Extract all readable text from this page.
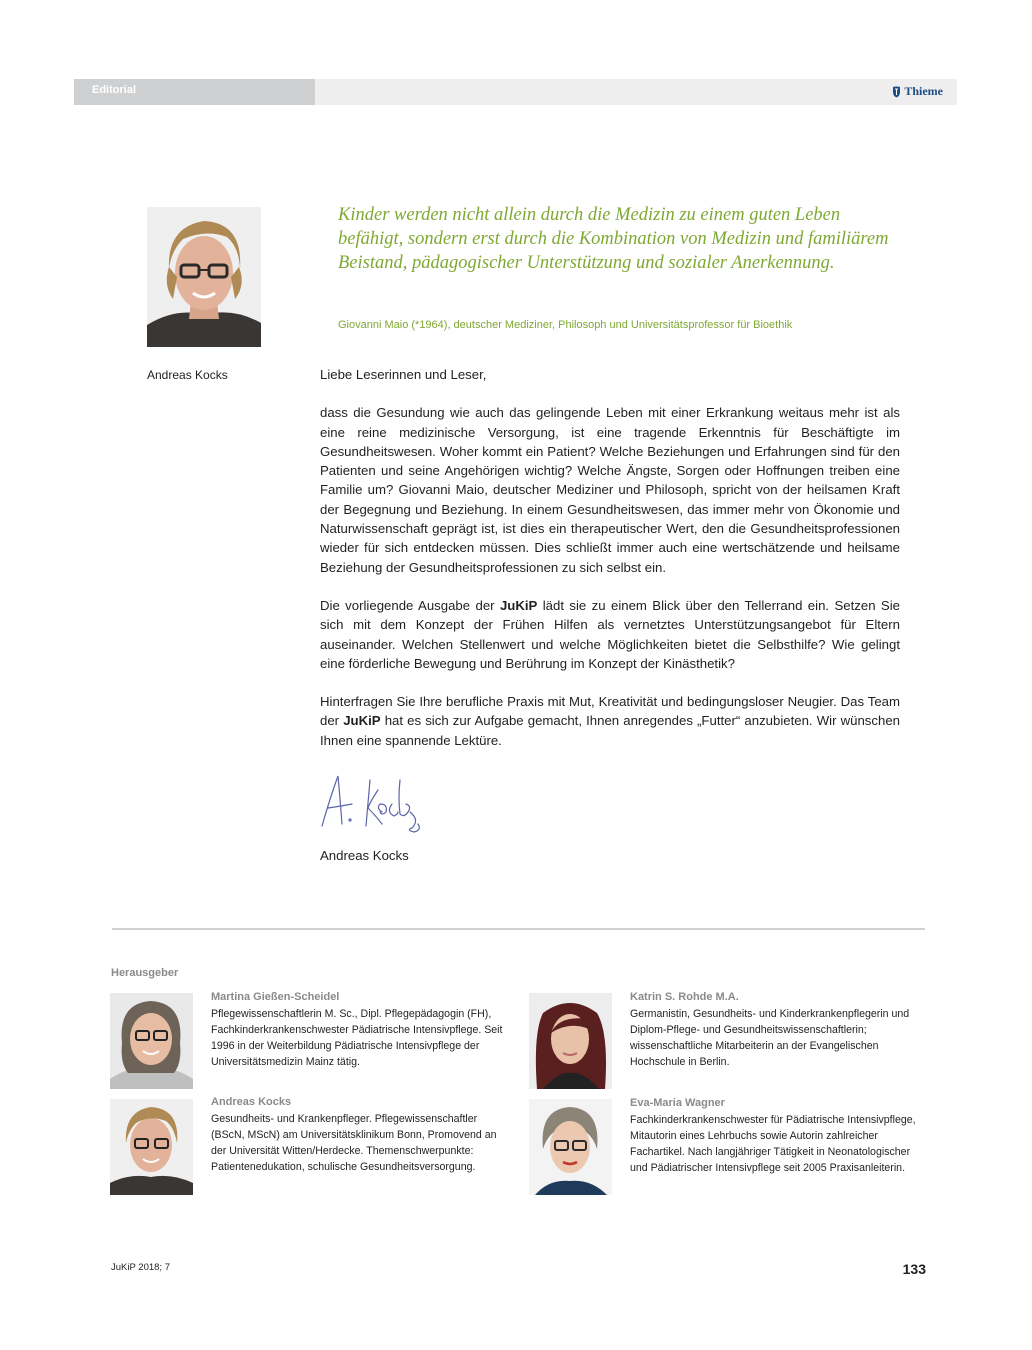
Editorial	Thieme
Kinder werden nicht allein durch die Medizin zu einem guten Leben befähigt, sondern erst durch die Kombination von Medizin und familiärem Beistand, pädagogischer Unterstützung und sozialer Anerkennung.
Giovanni Maio (*1964), deutscher Mediziner, Philosoph und Universitätsprofessor für Bioethik
Andreas Kocks	Liebe Leserinnen und Leser,

dass die Gesundung wie auch das gelingende Leben mit einer Erkrankung weitaus mehr ist als eine reine medizinische Versorgung, ist eine tragende Erkenntnis für Beschäftigte im Gesundheitswesen. Woher kommt ein Patient? Welche Beziehungen und Erfahrungen sind für den Patienten und seine Angehörigen wichtig? Welche Ängste, Sorgen oder Hoffnungen treiben eine Familie um? Giovanni Maio, deutscher Mediziner und Philosoph, spricht von der heilsamen Kraft der Begegnung und Beziehung. In einem Gesundheitswesen, das immer mehr von Ökonomie und Naturwissenschaft geprägt ist, ist dies ein therapeutischer Wert, den die Gesundheitsprofessionen wieder für sich entdecken müssen. Dies schließt immer auch eine wertschätzende und heilsame Beziehung der Gesundheitsprofessionen zu sich selbst ein.

Die vorliegende Ausgabe der JuKiP lädt sie zu einem Blick über den Tellerrand ein. Setzen Sie sich mit dem Konzept der Frühen Hilfen als vernetztes Unterstützungsangebot für Eltern auseinander. Welchen Stellenwert und welche Möglichkeiten bietet die Selbsthilfe? Wie gelingt eine förderliche Bewegung und Berührung im Konzept der Kinästhetik?

Hinterfragen Sie Ihre berufliche Praxis mit Mut, Kreativität und bedingungsloser Neugier. Das Team der JuKiP hat es sich zur Aufgabe gemacht, Ihnen anregendes „Futter“ anzubieten. Wir wünschen Ihnen eine spannende Lektüre.

Andreas Kocks
Herausgeber
Martina Gießen-Scheidel
Pflegewissenschaftlerin M. Sc., Dipl. Pflegepädagogin (FH), Fachkinderkrankenschwester Pädiatrische Intensivpflege. Seit 1996 in der Weiterbildung Pädiatrische Intensivpflege der Universitätsmedizin Mainz tätig.
Katrin S. Rohde M.A.
Germanistin, Gesundheits- und Kinderkrankenpflegerin und Diplom-Pflege- und Gesundheitswissenschaftlerin; wissenschaftliche Mitarbeiterin an der Evangelischen Hochschule in Berlin.
Andreas Kocks
Gesundheits- und Krankenpfleger. Pflegewissenschaftler (BScN, MScN) am Universitätsklinikum Bonn, Promovend an der Universität Witten/Herdecke. Themenschwerpunkte: Patientenedukation, schulische Gesundheitsversorgung.
Eva-Maria Wagner
Fachkinderkrankenschwester für Pädiatrische Intensivpflege, Mitautorin eines Lehrbuchs sowie Autorin zahlreicher Fachartikel. Nach langjähriger Tätigkeit in Neonatologischer und Pädiatrischer Intensivpflege seit 2005 Praxisanleiterin.
JuKiP 2018; 7	133
